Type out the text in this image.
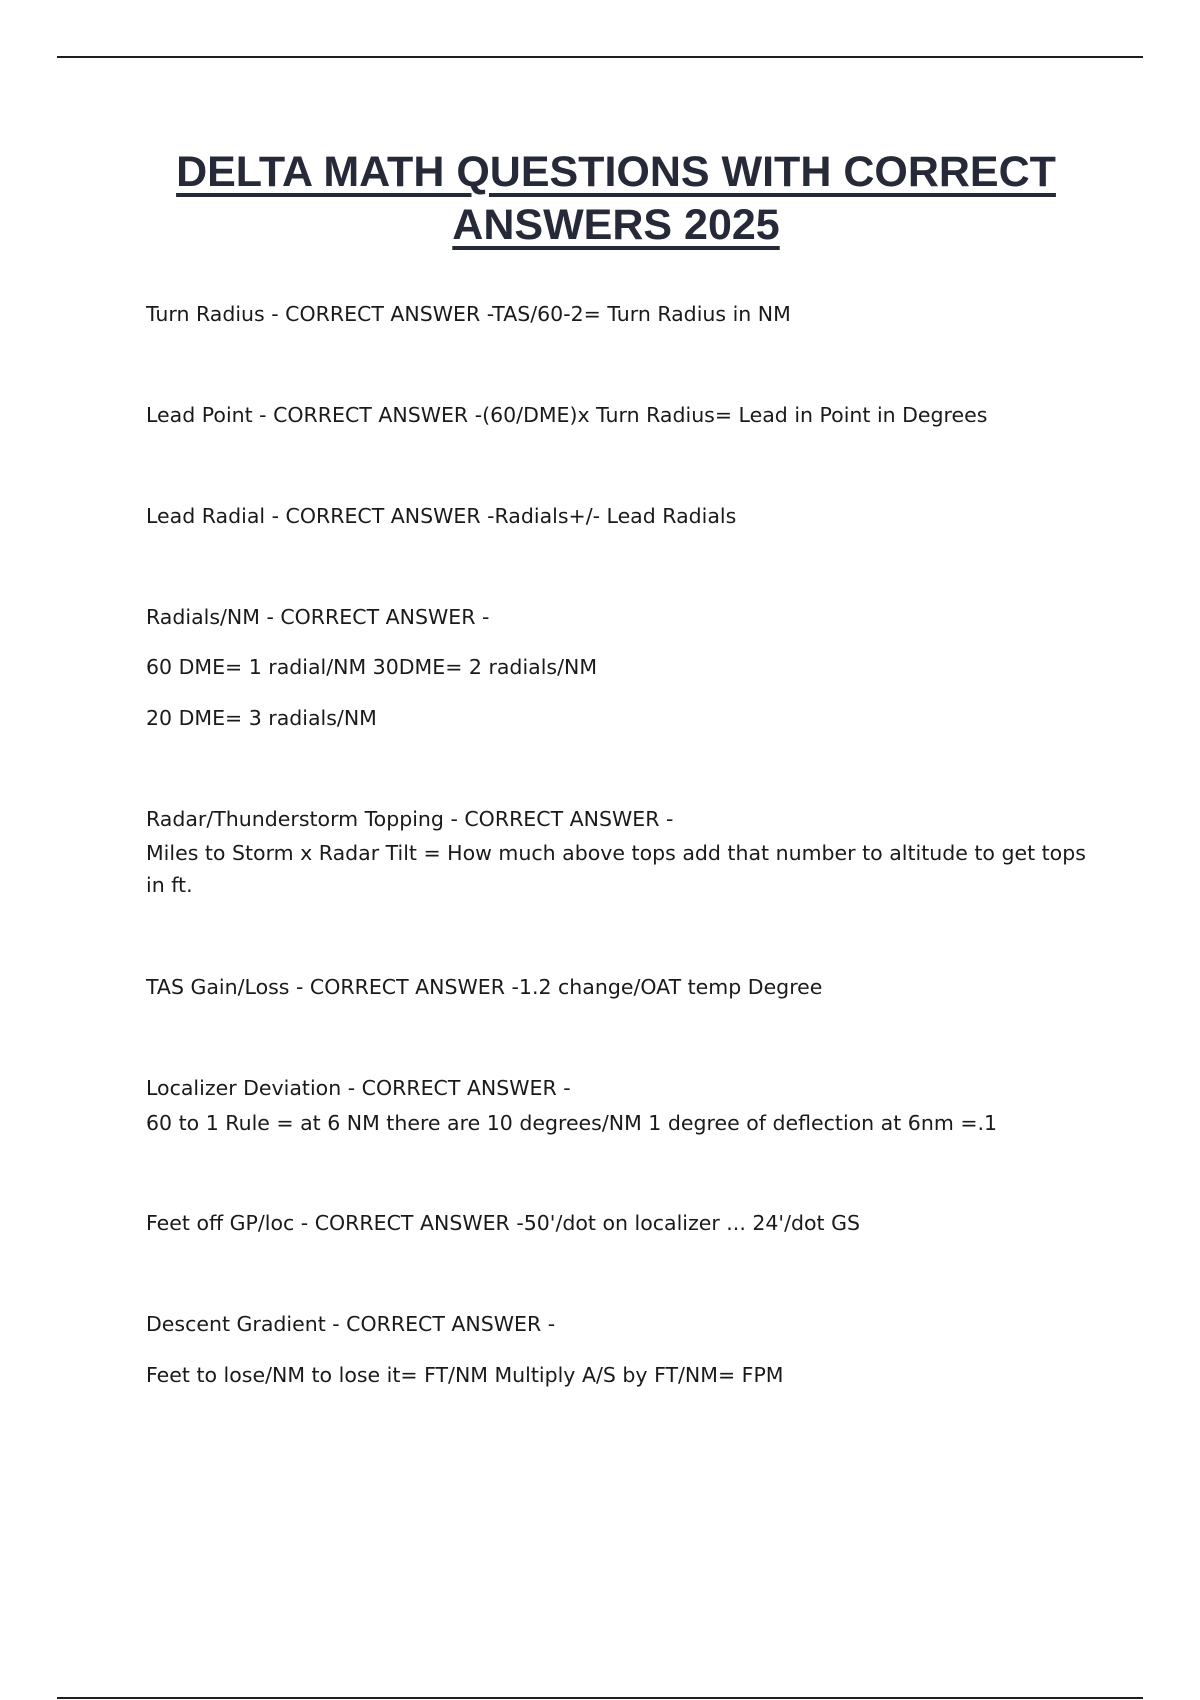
DELTA MATH QUESTIONS WITH CORRECT
ANSWERS 2025
Turn Radius - CORRECT ANSWER -TAS/60-2= Turn Radius in NM
Lead Point - CORRECT ANSWER -(60/DME)x Turn Radius= Lead in Point in Degrees
Lead Radial - CORRECT ANSWER -Radials+/- Lead Radials
Radials/NM - CORRECT ANSWER -
60 DME= 1 radial/NM 30DME= 2 radials/NM
20 DME= 3 radials/NM
Radar/Thunderstorm Topping - CORRECT ANSWER -
Miles to Storm x Radar Tilt = How much above tops add that number to altitude to get tops in ft.
TAS Gain/Loss - CORRECT ANSWER -1.2 change/OAT temp Degree
Localizer Deviation - CORRECT ANSWER -
60 to 1 Rule = at 6 NM there are 10 degrees/NM 1 degree of deflection at 6nm =.1
Feet off GP/loc - CORRECT ANSWER -50'/dot on localizer ... 24'/dot GS
Descent Gradient - CORRECT ANSWER -
Feet to lose/NM to lose it= FT/NM Multiply A/S by FT/NM= FPM
